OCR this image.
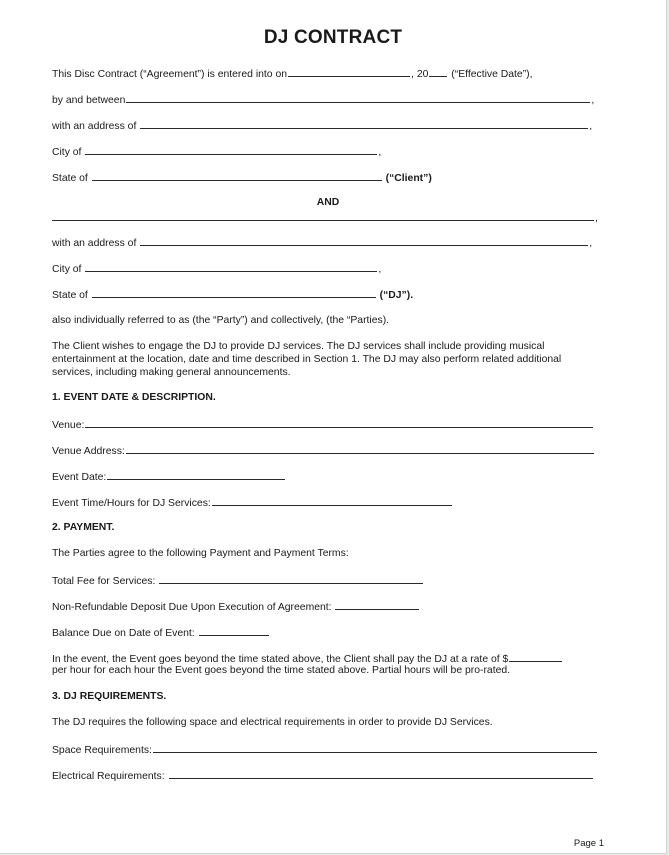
DJ CONTRACT
This Disc Contract (“Agreement”) is entered into on	, 20 (“Effective Date”),
by and between	,
with an address of	,
City of	,
State of	(“Client”)
AND
,
with an address of	,
City of	,
State of	(“DJ”).
also individually referred to as (the “Party”) and collectively, (the “Parties).
The Client wishes to engage the DJ to provide DJ services. The DJ services shall include providing musical entertainment at the location, date and time described in Section 1. The DJ may also perform related additional services, including making general announcements.
1. EVENT DATE & DESCRIPTION.
Venue:
Venue Address:
Event Date:
Event Time/Hours for DJ Services:
2. PAYMENT.
The Parties agree to the following Payment and Payment Terms:
Total Fee for Services:
Non-Refundable Deposit Due Upon Execution of Agreement:
Balance Due on Date of Event:
In the event, the Event goes beyond the time stated above, the Client shall pay the DJ at a rate of $
per hour for each hour the Event goes beyond the time stated above. Partial hours will be pro-rated.
3. DJ REQUIREMENTS.
The DJ requires the following space and electrical requirements in order to provide DJ Services.
Space Requirements:
Electrical Requirements:
Page 1
